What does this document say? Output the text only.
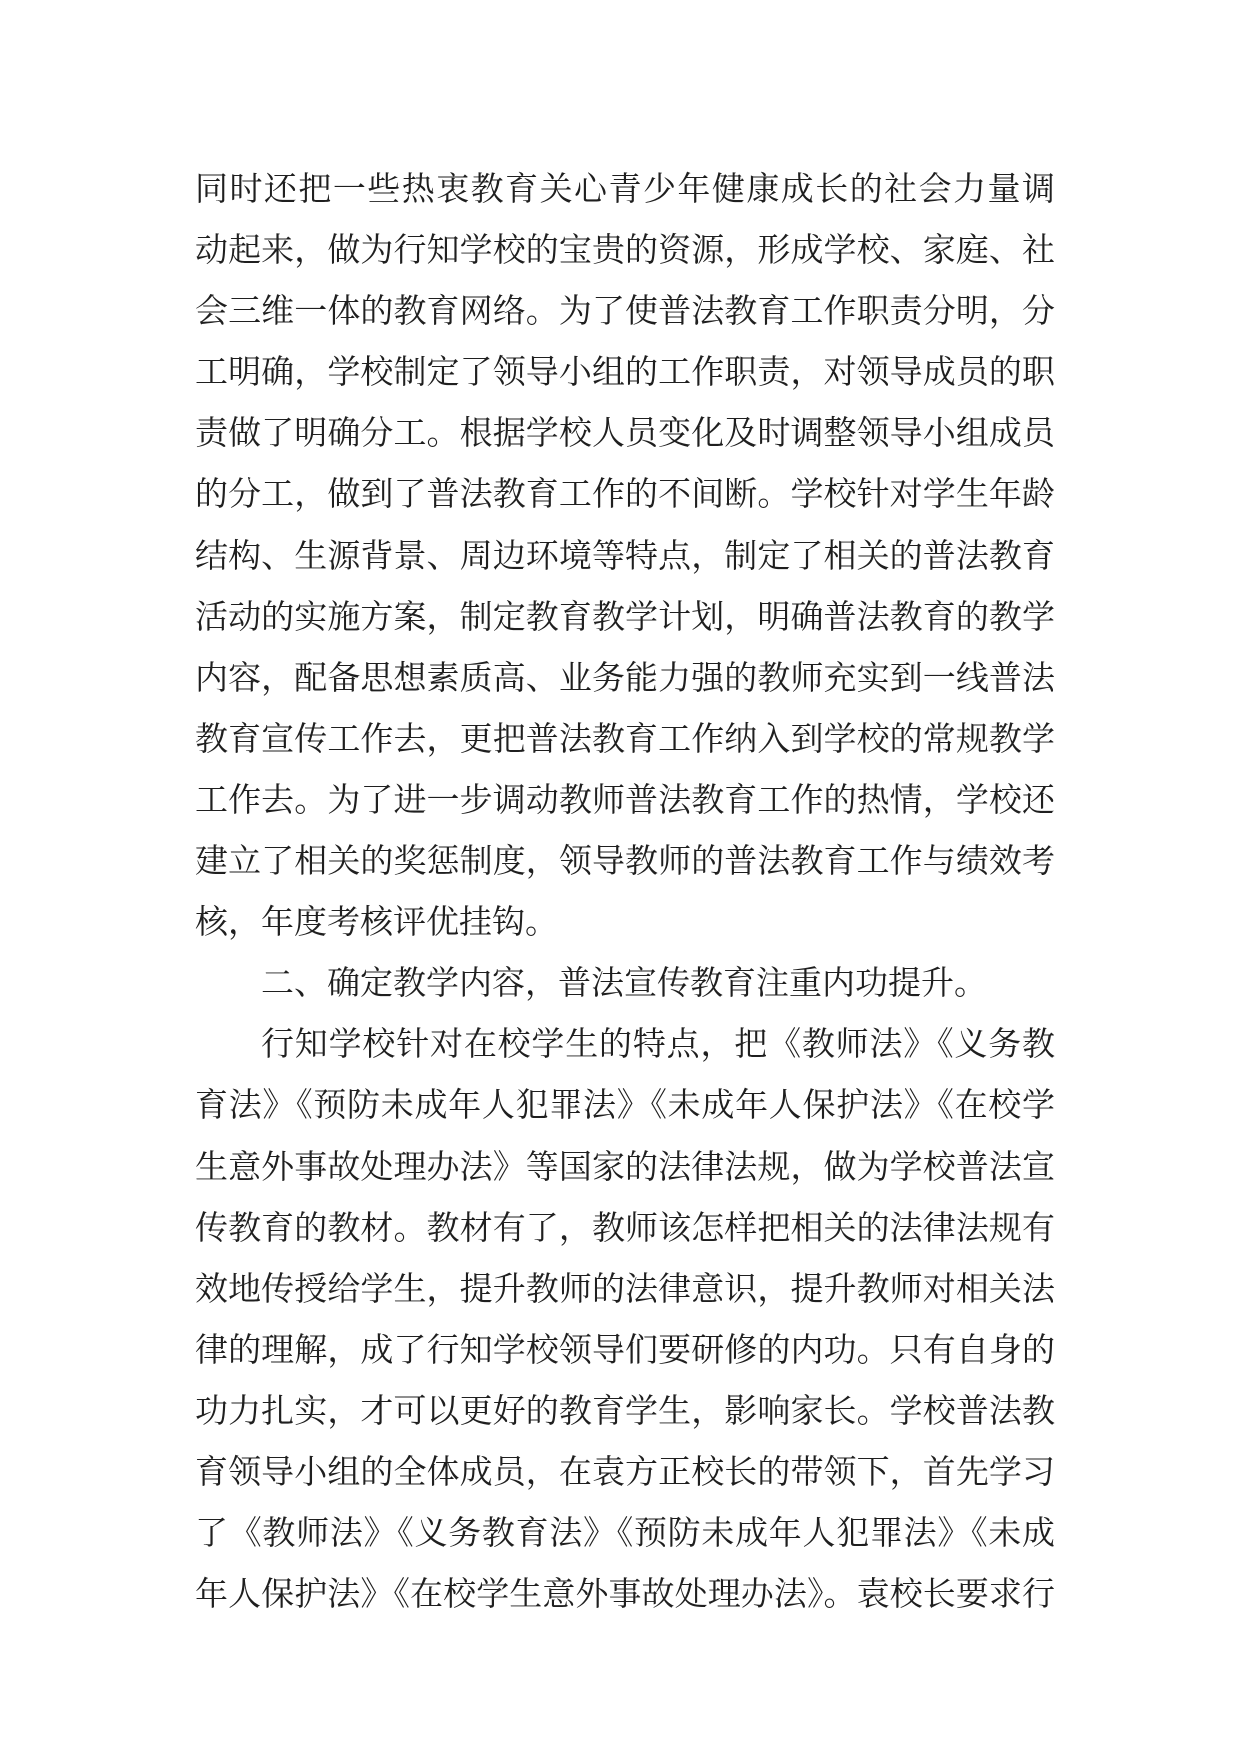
同时还把一些热衷教育关心青少年健康成长的社会力量调
动起来，做为行知学校的宝贵的资源，形成学校、家庭、社
会三维一体的教育网络。为了使普法教育工作职责分明，分
工明确，学校制定了领导小组的工作职责，对领导成员的职
责做了明确分工。根据学校人员变化及时调整领导小组成员
的分工，做到了普法教育工作的不间断。学校针对学生年龄
结构、生源背景、周边环境等特点，制定了相关的普法教育
活动的实施方案，制定教育教学计划，明确普法教育的教学
内容，配备思想素质高、业务能力强的教师充实到一线普法
教育宣传工作去，更把普法教育工作纳入到学校的常规教学
工作去。为了进一步调动教师普法教育工作的热情，学校还
建立了相关的奖惩制度，领导教师的普法教育工作与绩效考
核，年度考核评优挂钩。
二、确定教学内容，普法宣传教育注重内功提升。
行知学校针对在校学生的特点，把《教师法》《义务教
育法》《预防未成年人犯罪法》《未成年人保护法》《在校学
生意外事故处理办法》等国家的法律法规，做为学校普法宣
传教育的教材。教材有了，教师该怎样把相关的法律法规有
效地传授给学生，提升教师的法律意识，提升教师对相关法
律的理解，成了行知学校领导们要研修的内功。只有自身的
功力扎实，才可以更好的教育学生，影响家长。学校普法教
育领导小组的全体成员，在袁方正校长的带领下，首先学习
了《教师法》《义务教育法》《预防未成年人犯罪法》《未成
年人保护法》《在校学生意外事故处理办法》。袁校长要求行
